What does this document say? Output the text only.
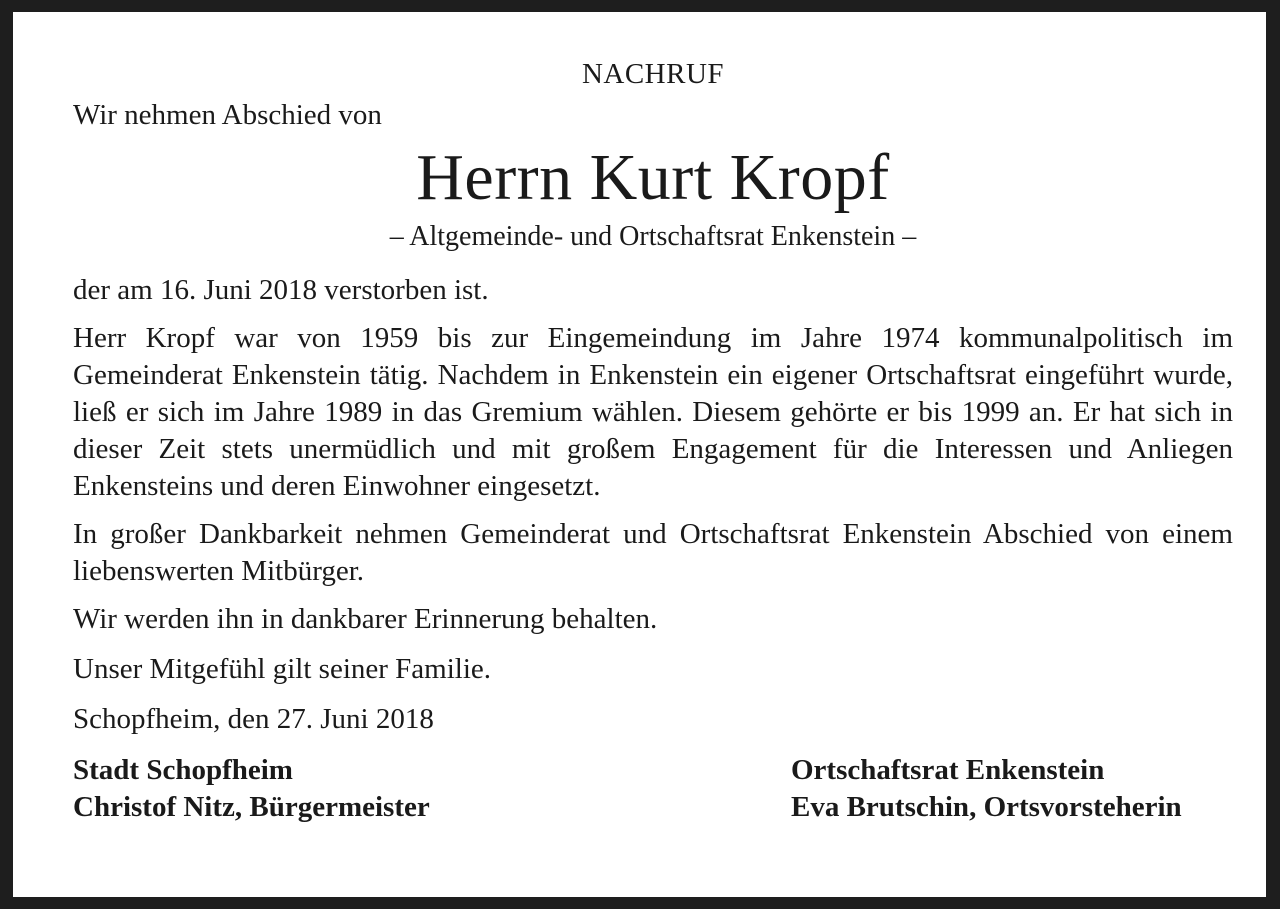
NACHRUF

Wir nehmen Abschied von

Herrn Kurt Kropf

– Altgemeinde- und Ortschaftsrat Enkenstein –

der am 16. Juni 2018 verstorben ist.

Herr Kropf war von 1959 bis zur Eingemeindung im Jahre 1974 kommunalpolitisch im Gemeinderat Enkenstein tätig. Nachdem in Enkenstein ein eigener Ortschaftsrat eingeführt wurde, ließ er sich im Jahre 1989 in das Gremium wählen. Diesem gehörte er bis 1999 an. Er hat sich in dieser Zeit stets unermüdlich und mit großem Engagement für die Interessen und Anliegen Enkensteins und deren Einwohner eingesetzt.

In großer Dankbarkeit nehmen Gemeinderat und Ortschaftsrat Enkenstein Abschied von einem liebenswerten Mitbürger.

Wir werden ihn in dankbarer Erinnerung behalten.

Unser Mitgefühl gilt seiner Familie.

Schopfheim, den 27. Juni 2018

Stadt Schopfheim
Christof Nitz, Bürgermeister
Ortschaftsrat Enkenstein
Eva Brutschin, Ortsvorsteherin
